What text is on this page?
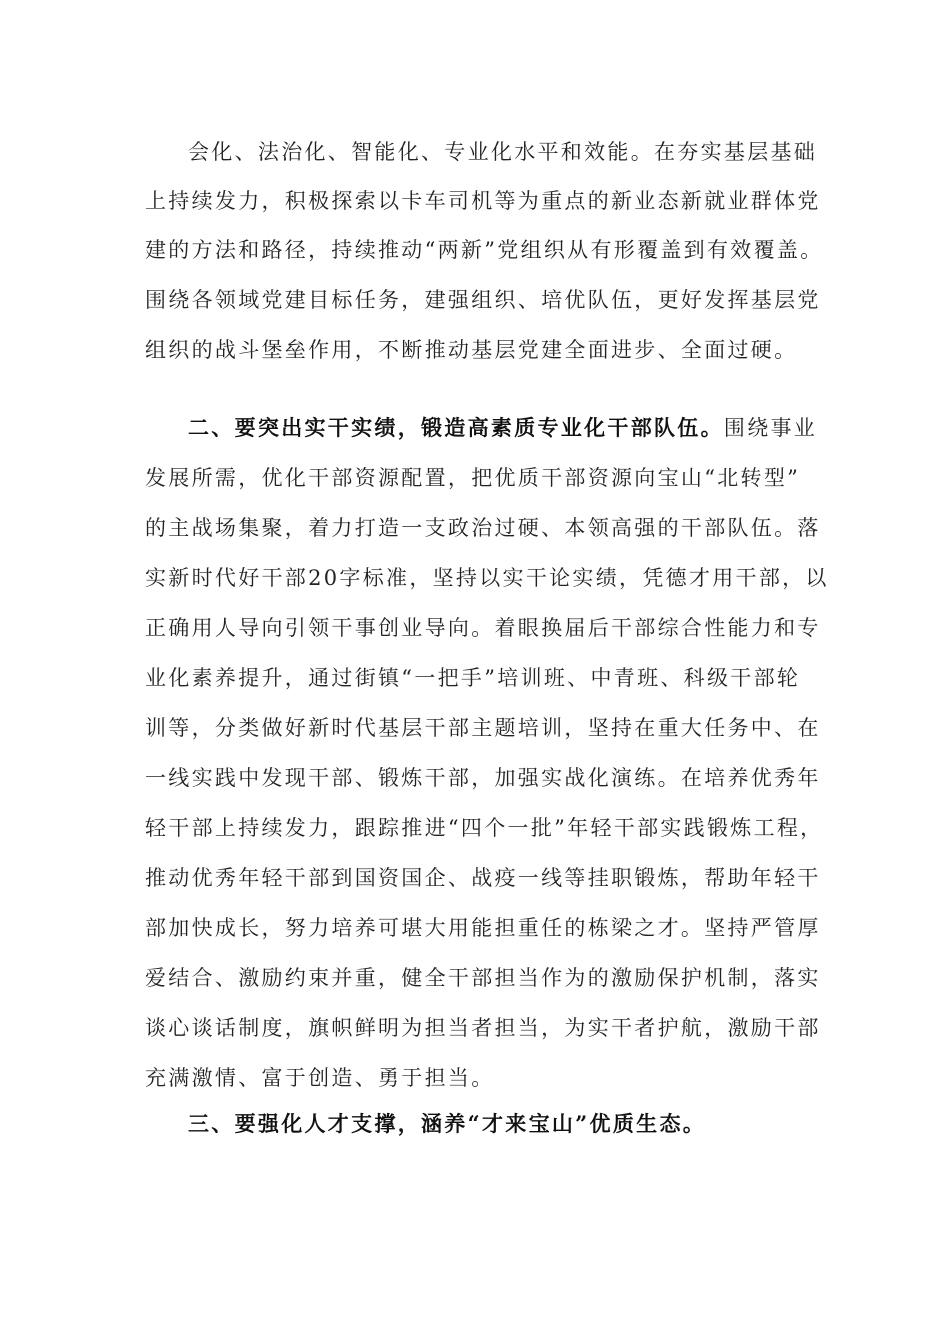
会化、法治化、智能化、专业化水平和效能。在夯实基层基础
上持续发力，积极探索以卡车司机等为重点的新业态新就业群体党
建的方法和路径，持续推动“两新”党组织从有形覆盖到有效覆盖。
围绕各领域党建目标任务，建强组织、培优队伍，更好发挥基层党
组织的战斗堡垒作用，不断推动基层党建全面进步、全面过硬。
二、要突出实干实绩，锻造高素质专业化干部队伍。围绕事业
发展所需，优化干部资源配置，把优质干部资源向宝山“北转型”
的主战场集聚，着力打造一支政治过硬、本领高强的干部队伍。落
实新时代好干部20字标准，坚持以实干论实绩，凭德才用干部，以
正确用人导向引领干事创业导向。着眼换届后干部综合性能力和专
业化素养提升，通过街镇“一把手”培训班、中青班、科级干部轮
训等，分类做好新时代基层干部主题培训，坚持在重大任务中、在
一线实践中发现干部、锻炼干部，加强实战化演练。在培养优秀年
轻干部上持续发力，跟踪推进“四个一批”年轻干部实践锻炼工程，
推动优秀年轻干部到国资国企、战疫一线等挂职锻炼，帮助年轻干
部加快成长，努力培养可堪大用能担重任的栋梁之才。坚持严管厚
爱结合、激励约束并重，健全干部担当作为的激励保护机制，落实
谈心谈话制度，旗帜鲜明为担当者担当，为实干者护航，激励干部
充满激情、富于创造、勇于担当。
三、要强化人才支撑，涵养“才来宝山”优质生态。
